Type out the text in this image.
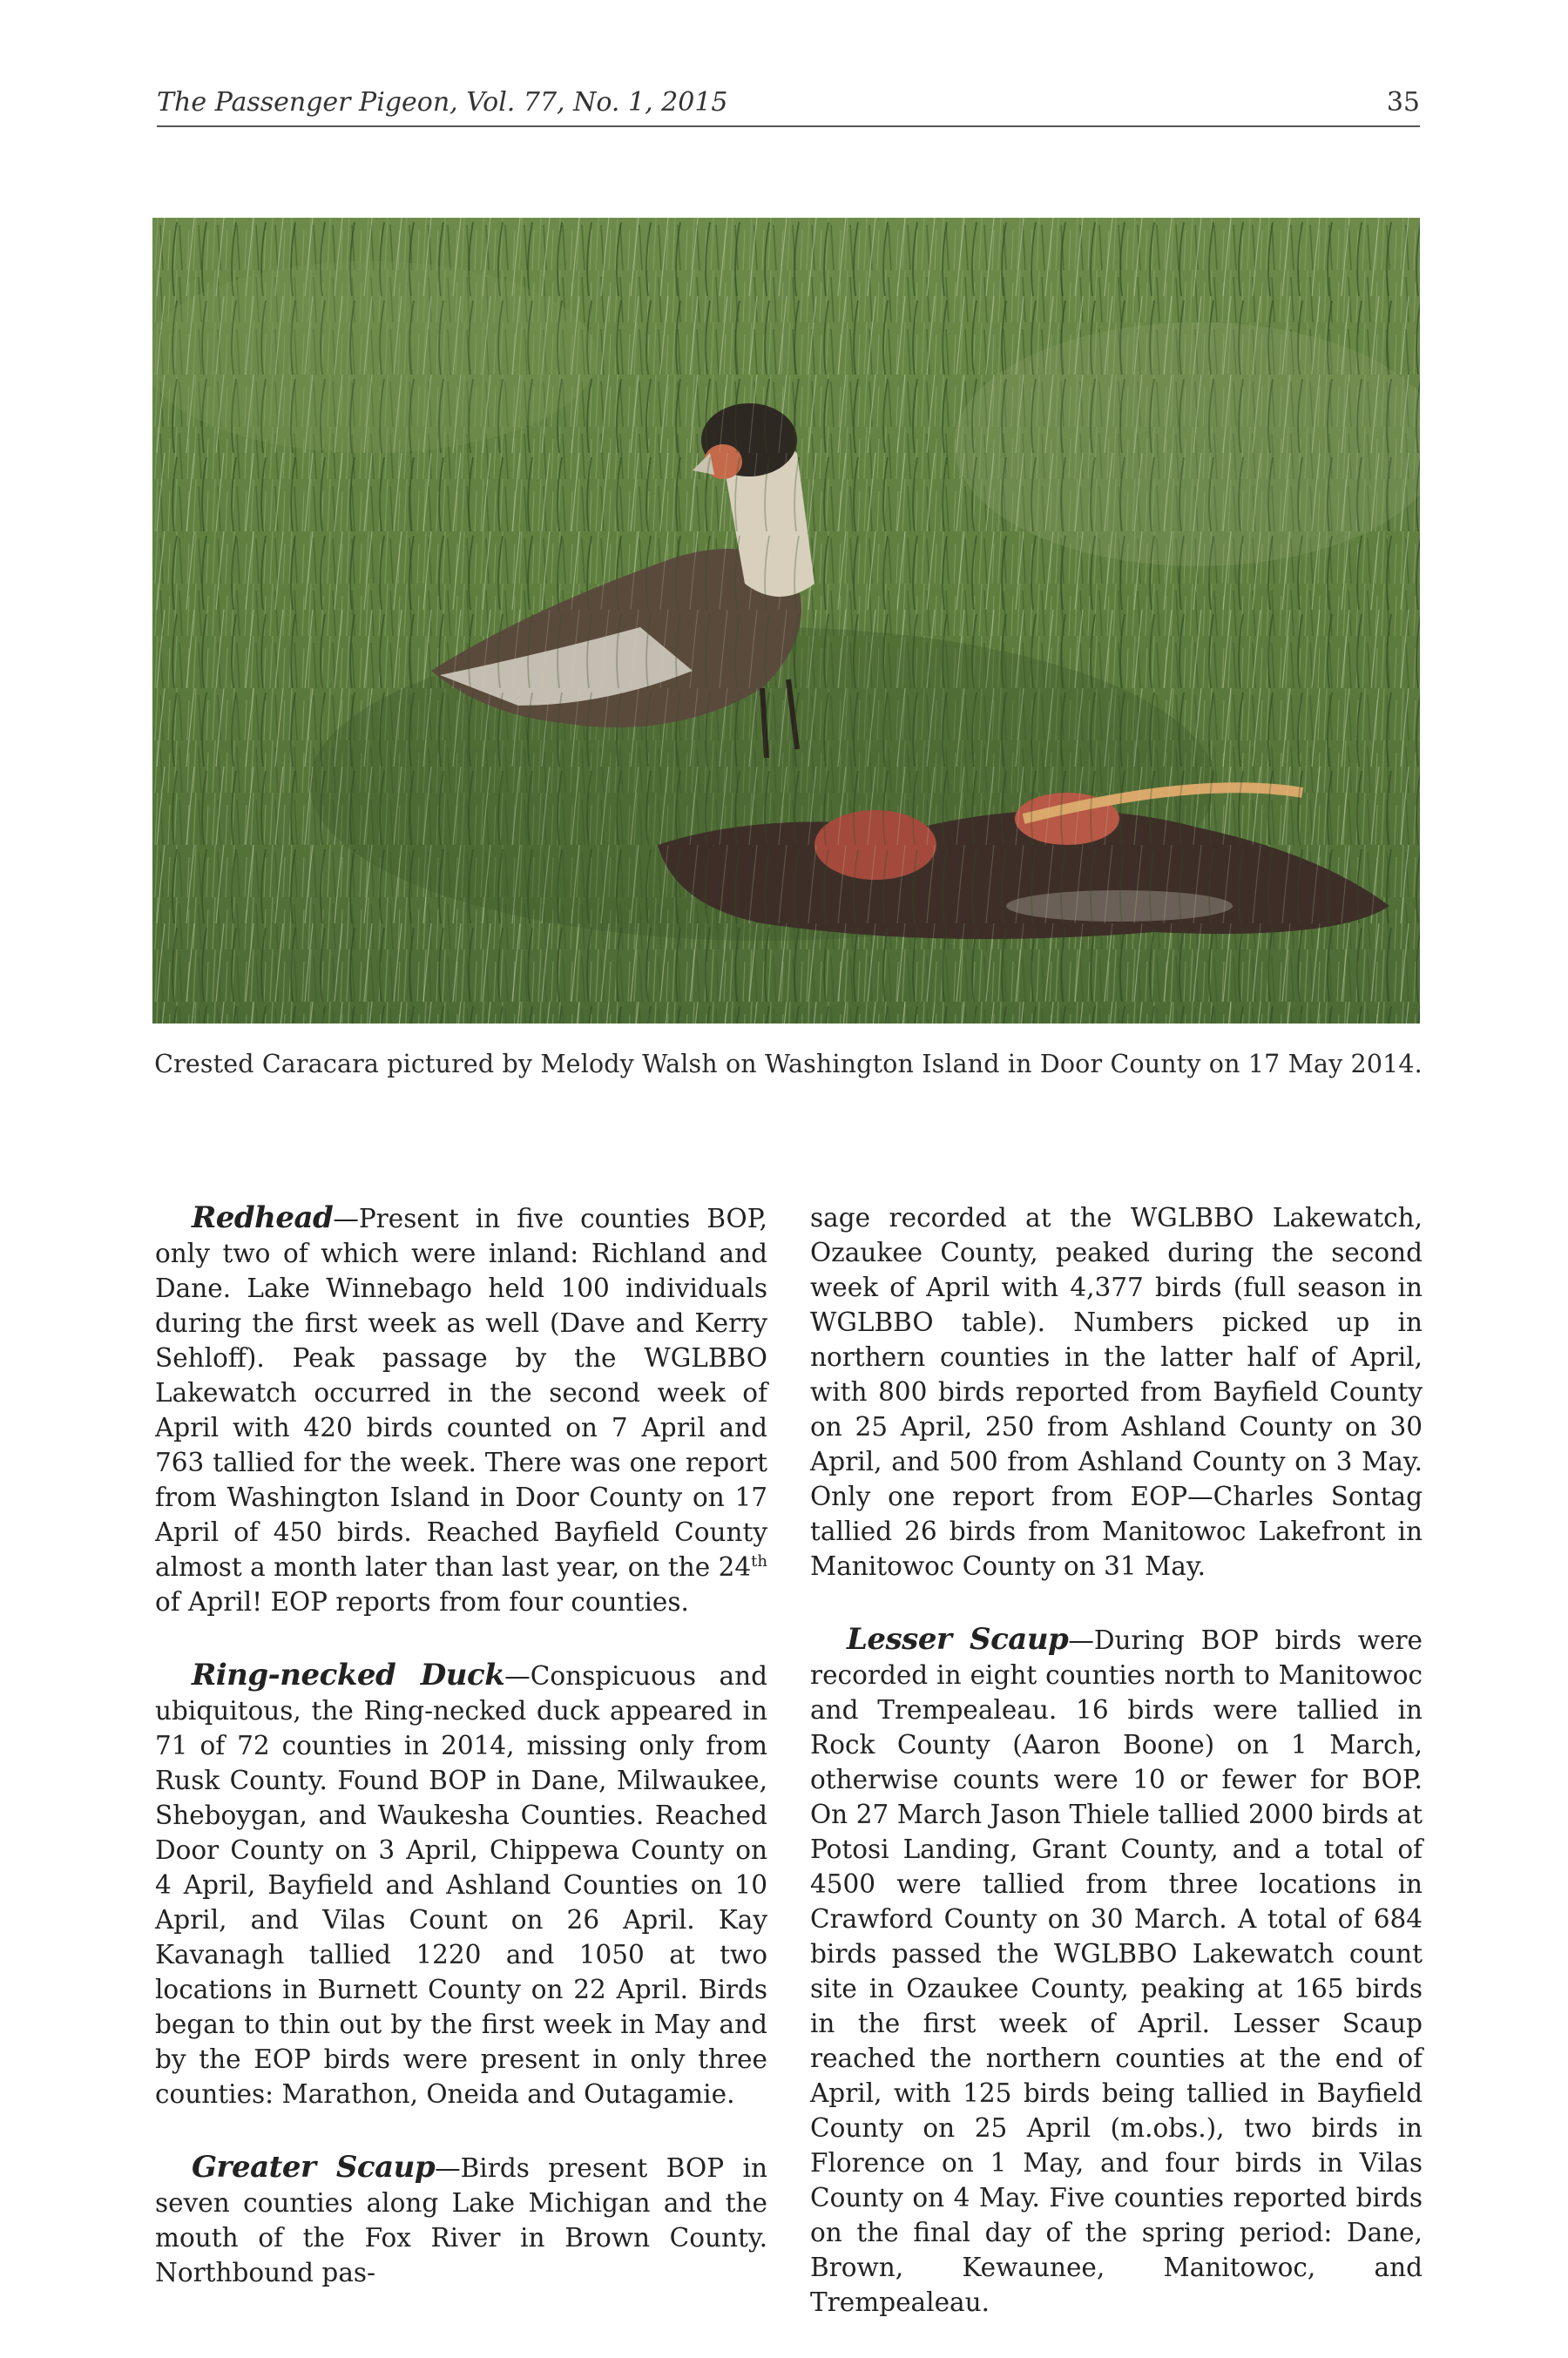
The Passenger Pigeon, Vol. 77, No. 1, 2015	35
Crested Caracara pictured by Melody Walsh on Washington Island in Door County on 17 May 2014.

Redhead—Present in five counties BOP, only two of which were inland: Richland and Dane. Lake Winnebago held 100 individuals during the first week as well (Dave and Kerry Sehloff). Peak passage by the WGLBBO Lakewatch occurred in the second week of April with 420 birds counted on 7 April and 763 tallied for the week. There was one report from Washington Island in Door County on 17 April of 450 birds. Reached Bayfield County almost a month later than last year, on the 24th of April! EOP reports from four counties.

Ring-necked Duck—Conspicuous and ubiquitous, the Ring-necked duck appeared in 71 of 72 counties in 2014, missing only from Rusk County. Found BOP in Dane, Milwaukee, Sheboygan, and Waukesha Counties. Reached Door County on 3 April, Chippewa County on 4 April, Bayfield and Ashland Counties on 10 April, and Vilas Count on 26 April. Kay Kavanagh tallied 1220 and 1050 at two locations in Burnett County on 22 April. Birds began to thin out by the first week in May and by the EOP birds were present in only three counties: Marathon, Oneida and Outagamie.

Greater Scaup—Birds present BOP in seven counties along Lake Michigan and the mouth of the Fox River in Brown County. Northbound pas-

sage recorded at the WGLBBO Lakewatch, Ozaukee County, peaked during the second week of April with 4,377 birds (full season in WGLBBO table). Numbers picked up in northern counties in the latter half of April, with 800 birds reported from Bayfield County on 25 April, 250 from Ashland County on 30 April, and 500 from Ashland County on 3 May. Only one report from EOP—Charles Sontag tallied 26 birds from Manitowoc Lakefront in Manitowoc County on 31 May.

Lesser Scaup—During BOP birds were recorded in eight counties north to Manitowoc and Trempealeau. 16 birds were tallied in Rock County (Aaron Boone) on 1 March, otherwise counts were 10 or fewer for BOP. On 27 March Jason Thiele tallied 2000 birds at Potosi Landing, Grant County, and a total of 4500 were tallied from three locations in Crawford County on 30 March. A total of 684 birds passed the WGLBBO Lakewatch count site in Ozaukee County, peaking at 165 birds in the first week of April. Lesser Scaup reached the northern counties at the end of April, with 125 birds being tallied in Bayfield County on 25 April (m.obs.), two birds in Florence on 1 May, and four birds in Vilas County on 4 May. Five counties reported birds on the final day of the spring period: Dane, Brown, Kewaunee, Manitowoc, and Trempealeau.
